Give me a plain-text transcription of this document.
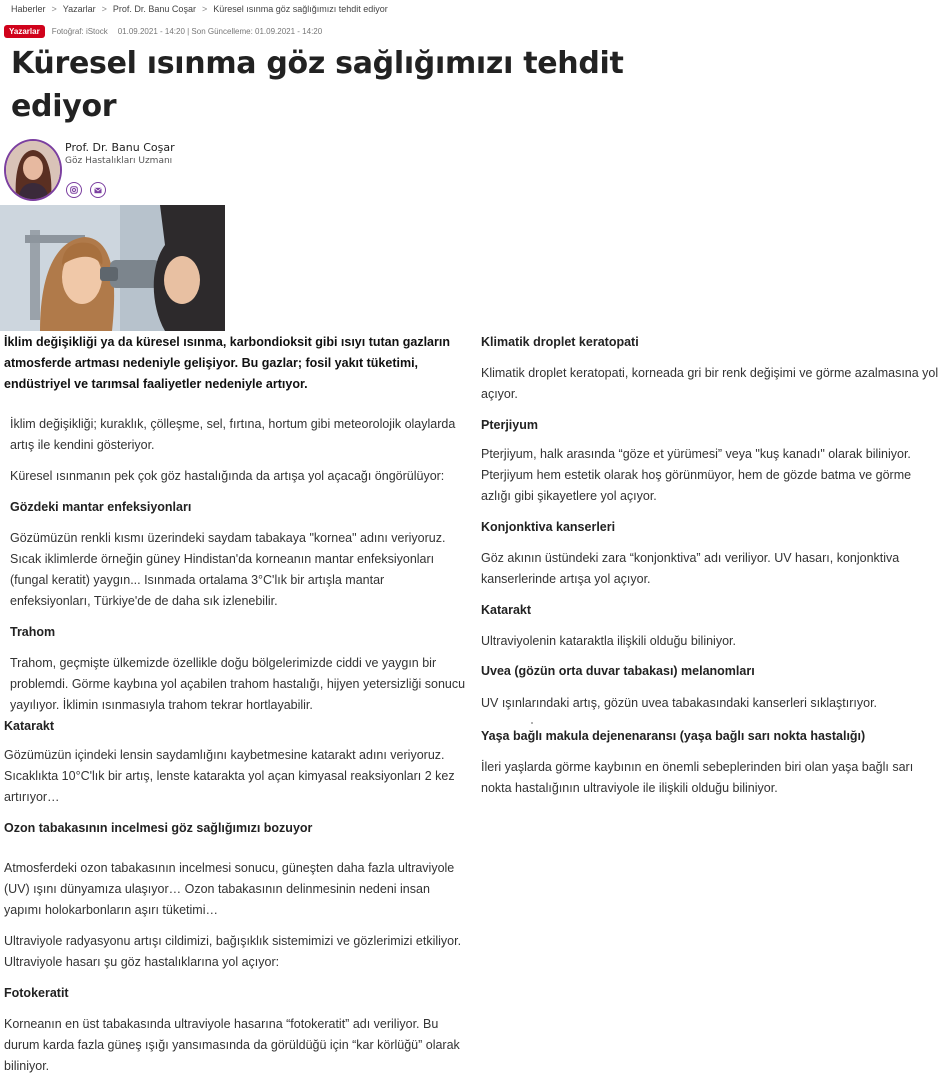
Haberler > Yazarlar > Prof. Dr. Banu Coşar > Küresel ısınma göz sağlığımızı tehdit ediyor
Yazarlar	Fotoğraf: iStock 01.09.2021 - 14:20 | Son Güncelleme: 01.09.2021 - 14:20
Küresel ısınma göz sağlığımızı tehdit ediyor
Prof. Dr. Banu Coşar
Göz Hastalıkları Uzmanı

İklim değişikliği ya da küresel ısınma, karbondioksit gibi ısıyı tutan gazların atmosferde artması nedeniyle gelişiyor. Bu gazlar; fosil yakıt tüketimi, endüstriyel ve tarımsal faaliyetler nedeniyle artıyor.

İklim değişikliği; kuraklık, çölleşme, sel, fırtına, hortum gibi meteorolojik olaylarda artış ile kendini gösteriyor.

Küresel ısınmanın pek çok göz hastalığında da artışa yol açacağı öngörülüyor:

Gözdeki mantar enfeksiyonları

Gözümüzün renkli kısmı üzerindeki saydam tabakaya "kornea" adını veriyoruz. Sıcak iklimlerde örneğin güney Hindistan'da korneanın mantar enfeksiyonları (fungal keratit) yaygın... Isınmada ortalama 3°C'lık bir artışla mantar enfeksiyonları, Türkiye'de de daha sık izlenebilir.

Trahom

Trahom, geçmişte ülkemizde özellikle doğu bölgelerimizde ciddi ve yaygın bir problemdi. Görme kaybına yol açabilen trahom hastalığı, hijyen yetersizliği sonucu yayılıyor. İklimin ısınmasıyla trahom tekrar hortlayabilir.

Katarakt

Gözümüzün içindeki lensin saydamlığını kaybetmesine katarakt adını veriyoruz. Sıcaklıkta 10°C'lık bir artış, lenste katarakta yol açan kimyasal reaksiyonları 2 kez artırıyor…

Ozon tabakasının incelmesi göz sağlığımızı bozuyor

Atmosferdeki ozon tabakasının incelmesi sonucu, güneşten daha fazla ultraviyole (UV) ışını dünyamıza ulaşıyor… Ozon tabakasının delinmesinin nedeni insan yapımı holokarbonların aşırı tüketimi…

Ultraviyole radyasyonu artışı cildimizi, bağışıklık sistemimizi ve gözlerimizi etkiliyor. Ultraviyole hasarı şu göz hastalıklarına yol açıyor:

Fotokeratit

Korneanın en üst tabakasında ultraviyole hasarına “fotokeratit” adı veriliyor. Bu durum karda fazla güneş ışığı yansımasında da görüldüğü için “kar körlüğü” olarak biliniyor.

Klimatik droplet keratopati

Klimatik droplet keratopati, korneada gri bir renk değişimi ve görme azalmasına yol açıyor.

Pterjiyum

Pterjiyum, halk arasında “göze et yürümesi” veya "kuş kanadı" olarak biliniyor. Pterjiyum hem estetik olarak hoş görünmüyor, hem de gözde batma ve görme azlığı gibi şikayetlere yol açıyor.

Konjonktiva kanserleri

Göz akının üstündeki zara “konjonktiva” adı veriliyor. UV hasarı, konjonktiva kanserlerinde artışa yol açıyor.

Katarakt

Ultraviyolenin kataraktla ilişkili olduğu biliniyor.

Uvea (gözün orta duvar tabakası) melanomları

UV ışınlarındaki artış, gözün uvea tabakasındaki kanserleri sıklaştırıyor.

Yaşa bağlı makula dejenenaransı (yaşa bağlı sarı nokta hastalığı)

İleri yaşlarda görme kaybının en önemli sebeplerinden biri olan yaşa bağlı sarı nokta hastalığının ultraviyole ile ilişkili olduğu biliniyor.
